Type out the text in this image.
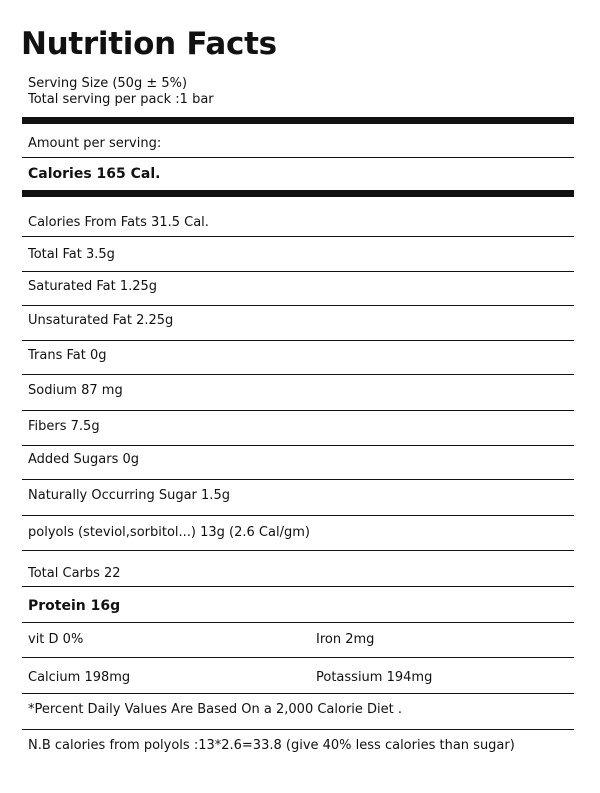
Nutrition Facts
Serving Size (50g ± 5%)
Total serving per pack :1 bar
Amount per serving:
Calories 165 Cal.
Calories From Fats 31.5 Cal.
Total Fat 3.5g
Saturated Fat 1.25g
Unsaturated Fat 2.25g
Trans Fat 0g
Sodium 87 mg
Fibers 7.5g
Added Sugars 0g
Naturally Occurring Sugar 1.5g
polyols (steviol,sorbitol...) 13g (2.6 Cal/gm)
Total Carbs 22
Protein 16g
vit D 0%	Iron 2mg
Calcium 198mg	Potassium 194mg
*Percent Daily Values Are Based On a 2,000 Calorie Diet .
N.B calories from polyols :13*2.6=33.8 (give 40% less calories than sugar)
